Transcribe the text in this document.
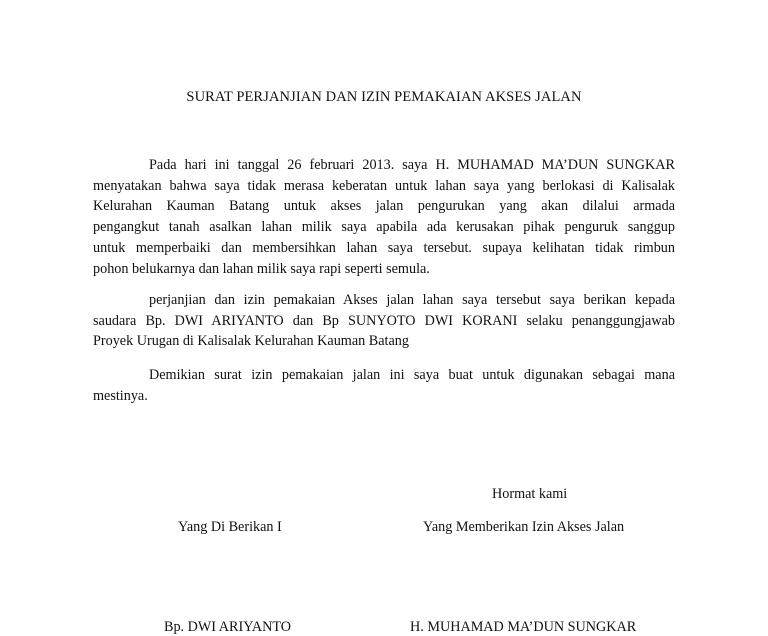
SURAT PERJANJIAN DAN IZIN PEMAKAIAN AKSES JALAN
Pada hari ini tanggal 26 februari 2013. saya H. MUHAMAD MA’DUN SUNGKAR
menyatakan bahwa saya tidak merasa keberatan untuk lahan saya yang berlokasi di Kalisalak
Kelurahan Kauman Batang untuk akses jalan pengurukan yang akan dilalui armada
pengangkut tanah asalkan lahan milik saya apabila ada kerusakan pihak penguruk sanggup
untuk memperbaiki dan membersihkan lahan saya tersebut. supaya kelihatan tidak rimbun
pohon belukarnya dan lahan milik saya rapi seperti semula.
perjanjian dan izin pemakaian Akses jalan lahan saya tersebut saya berikan kepada
saudara Bp. DWI ARIYANTO dan Bp SUNYOTO DWI KORANI selaku penanggungjawab
Proyek Urugan di Kalisalak Kelurahan Kauman Batang
Demikian surat izin pemakaian jalan ini saya buat untuk digunakan sebagai mana
mestinya.
Hormat kami
Yang Di Berikan I	Yang Memberikan Izin Akses Jalan
Bp. DWI ARIYANTO	H. MUHAMAD MA’DUN SUNGKAR
